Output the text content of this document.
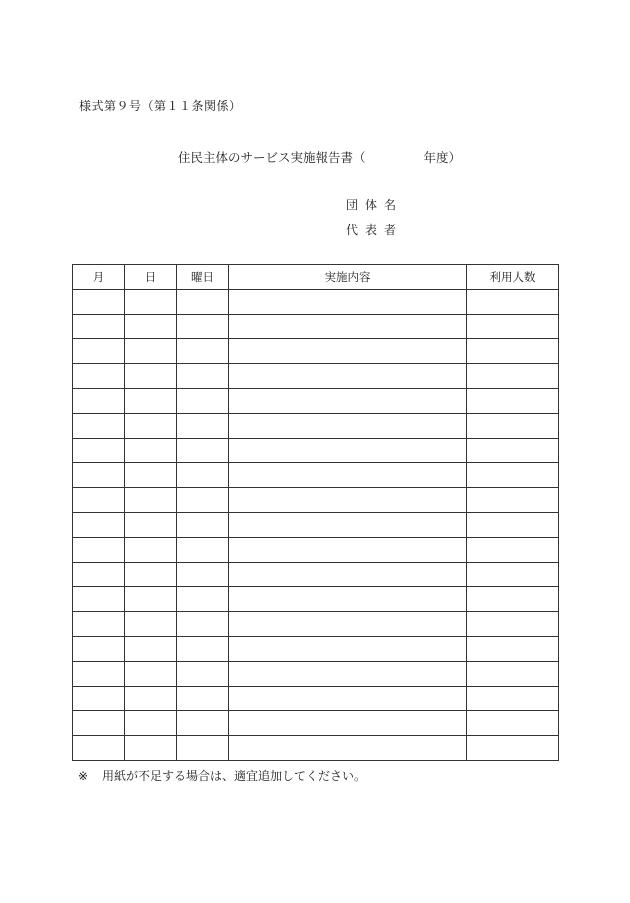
様式第９号（第１１条関係）
住民主体のサービス実施報告書（	年度）
団 体 名
代 表 者
月	日	曜日	実施内容	利用人数

※ 用紙が不足する場合は、適宜追加してください。
